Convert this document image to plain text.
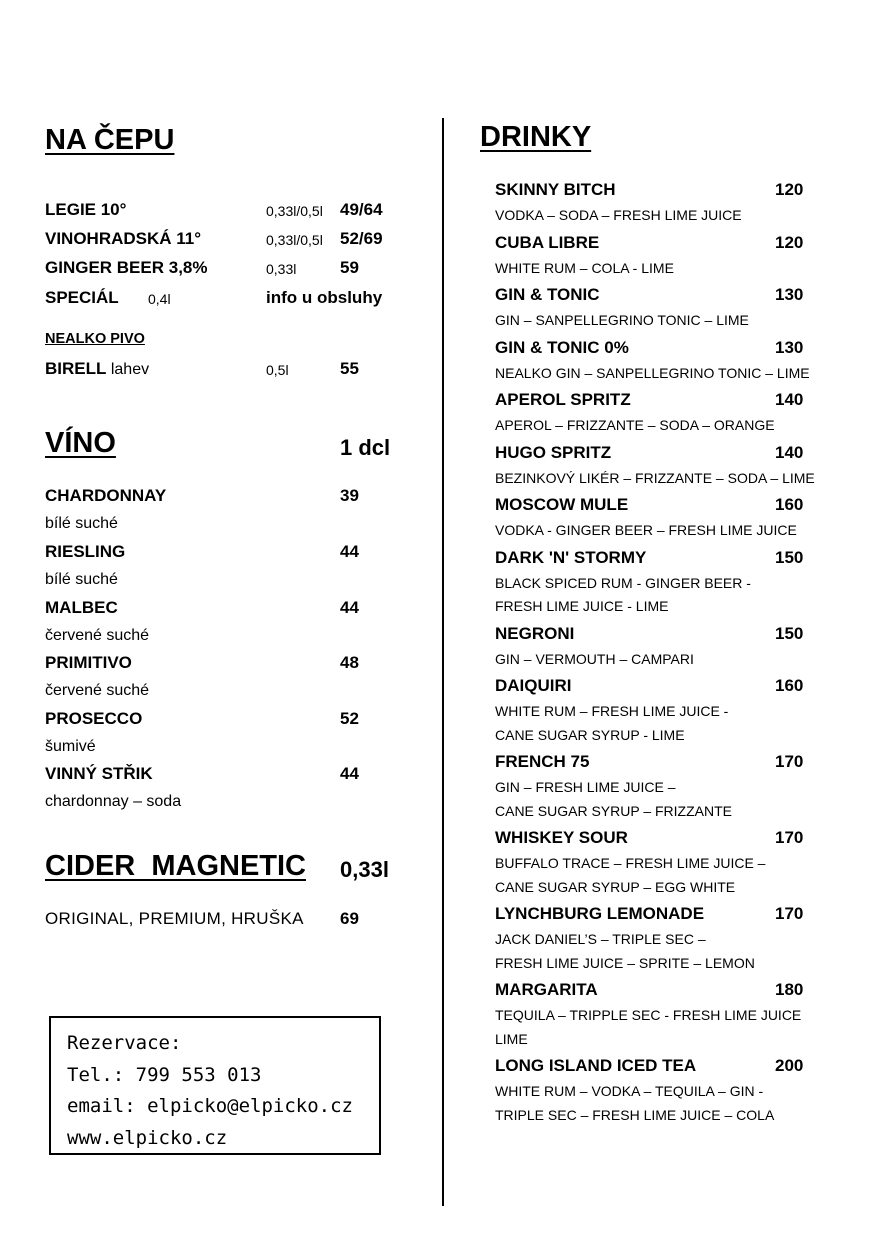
NA ČEPU
LEGIE 10°	0,33l/0,5l 49/64
VINOHRADSKÁ 11°	0,33l/0,5l 52/69
GINGER BEER 3,8%	0,33l	59
SPECIÁL 0,4l	info u obsluhy
NEALKO PIVO
BIRELL lahev	0,5l	55
VÍNO	1 dcl
CHARDONNAY	39
bílé suché
RIESLING	44
bílé suché
MALBEC	44
červené suché
PRIMITIVO	48
červené suché
PROSECCO	52
šumivé
VINNÝ STŘIK	44
chardonnay – soda
CIDER  MAGNETIC 0,33l
ORIGINAL, PREMIUM, HRUŠKA 69
Rezervace:
Tel.: 799 553 013
email: elpicko@elpicko.cz
www.elpicko.cz
DRINKY
SKINNY BITCH	120
VODKA – SODA – FRESH LIME JUICE
CUBA LIBRE	120
WHITE RUM – COLA - LIME
GIN & TONIC	130
GIN – SANPELLEGRINO TONIC – LIME
GIN & TONIC 0%	130
NEALKO GIN – SANPELLEGRINO TONIC – LIME
APEROL SPRITZ	140
APEROL – FRIZZANTE – SODA – ORANGE
HUGO SPRITZ	140
BEZINKOVÝ LIKÉR – FRIZZANTE – SODA – LIME
MOSCOW MULE	160
VODKA - GINGER BEER – FRESH LIME JUICE
DARK 'N' STORMY	150
BLACK SPICED RUM - GINGER BEER -
FRESH LIME JUICE - LIME
NEGRONI	150
GIN – VERMOUTH – CAMPARI
DAIQUIRI	160
WHITE RUM – FRESH LIME JUICE -
CANE SUGAR SYRUP - LIME
FRENCH 75	170
GIN – FRESH LIME JUICE –
CANE SUGAR SYRUP – FRIZZANTE
WHISKEY SOUR	170
BUFFALO TRACE – FRESH LIME JUICE –
CANE SUGAR SYRUP – EGG WHITE
LYNCHBURG LEMONADE	170
JACK DANIEL’S – TRIPLE SEC –
FRESH LIME JUICE – SPRITE – LEMON
MARGARITA	180
TEQUILA – TRIPPLE SEC - FRESH LIME JUICE
LIME
LONG ISLAND ICED TEA	200
WHITE RUM – VODKA – TEQUILA – GIN -
TRIPLE SEC – FRESH LIME JUICE – COLA
